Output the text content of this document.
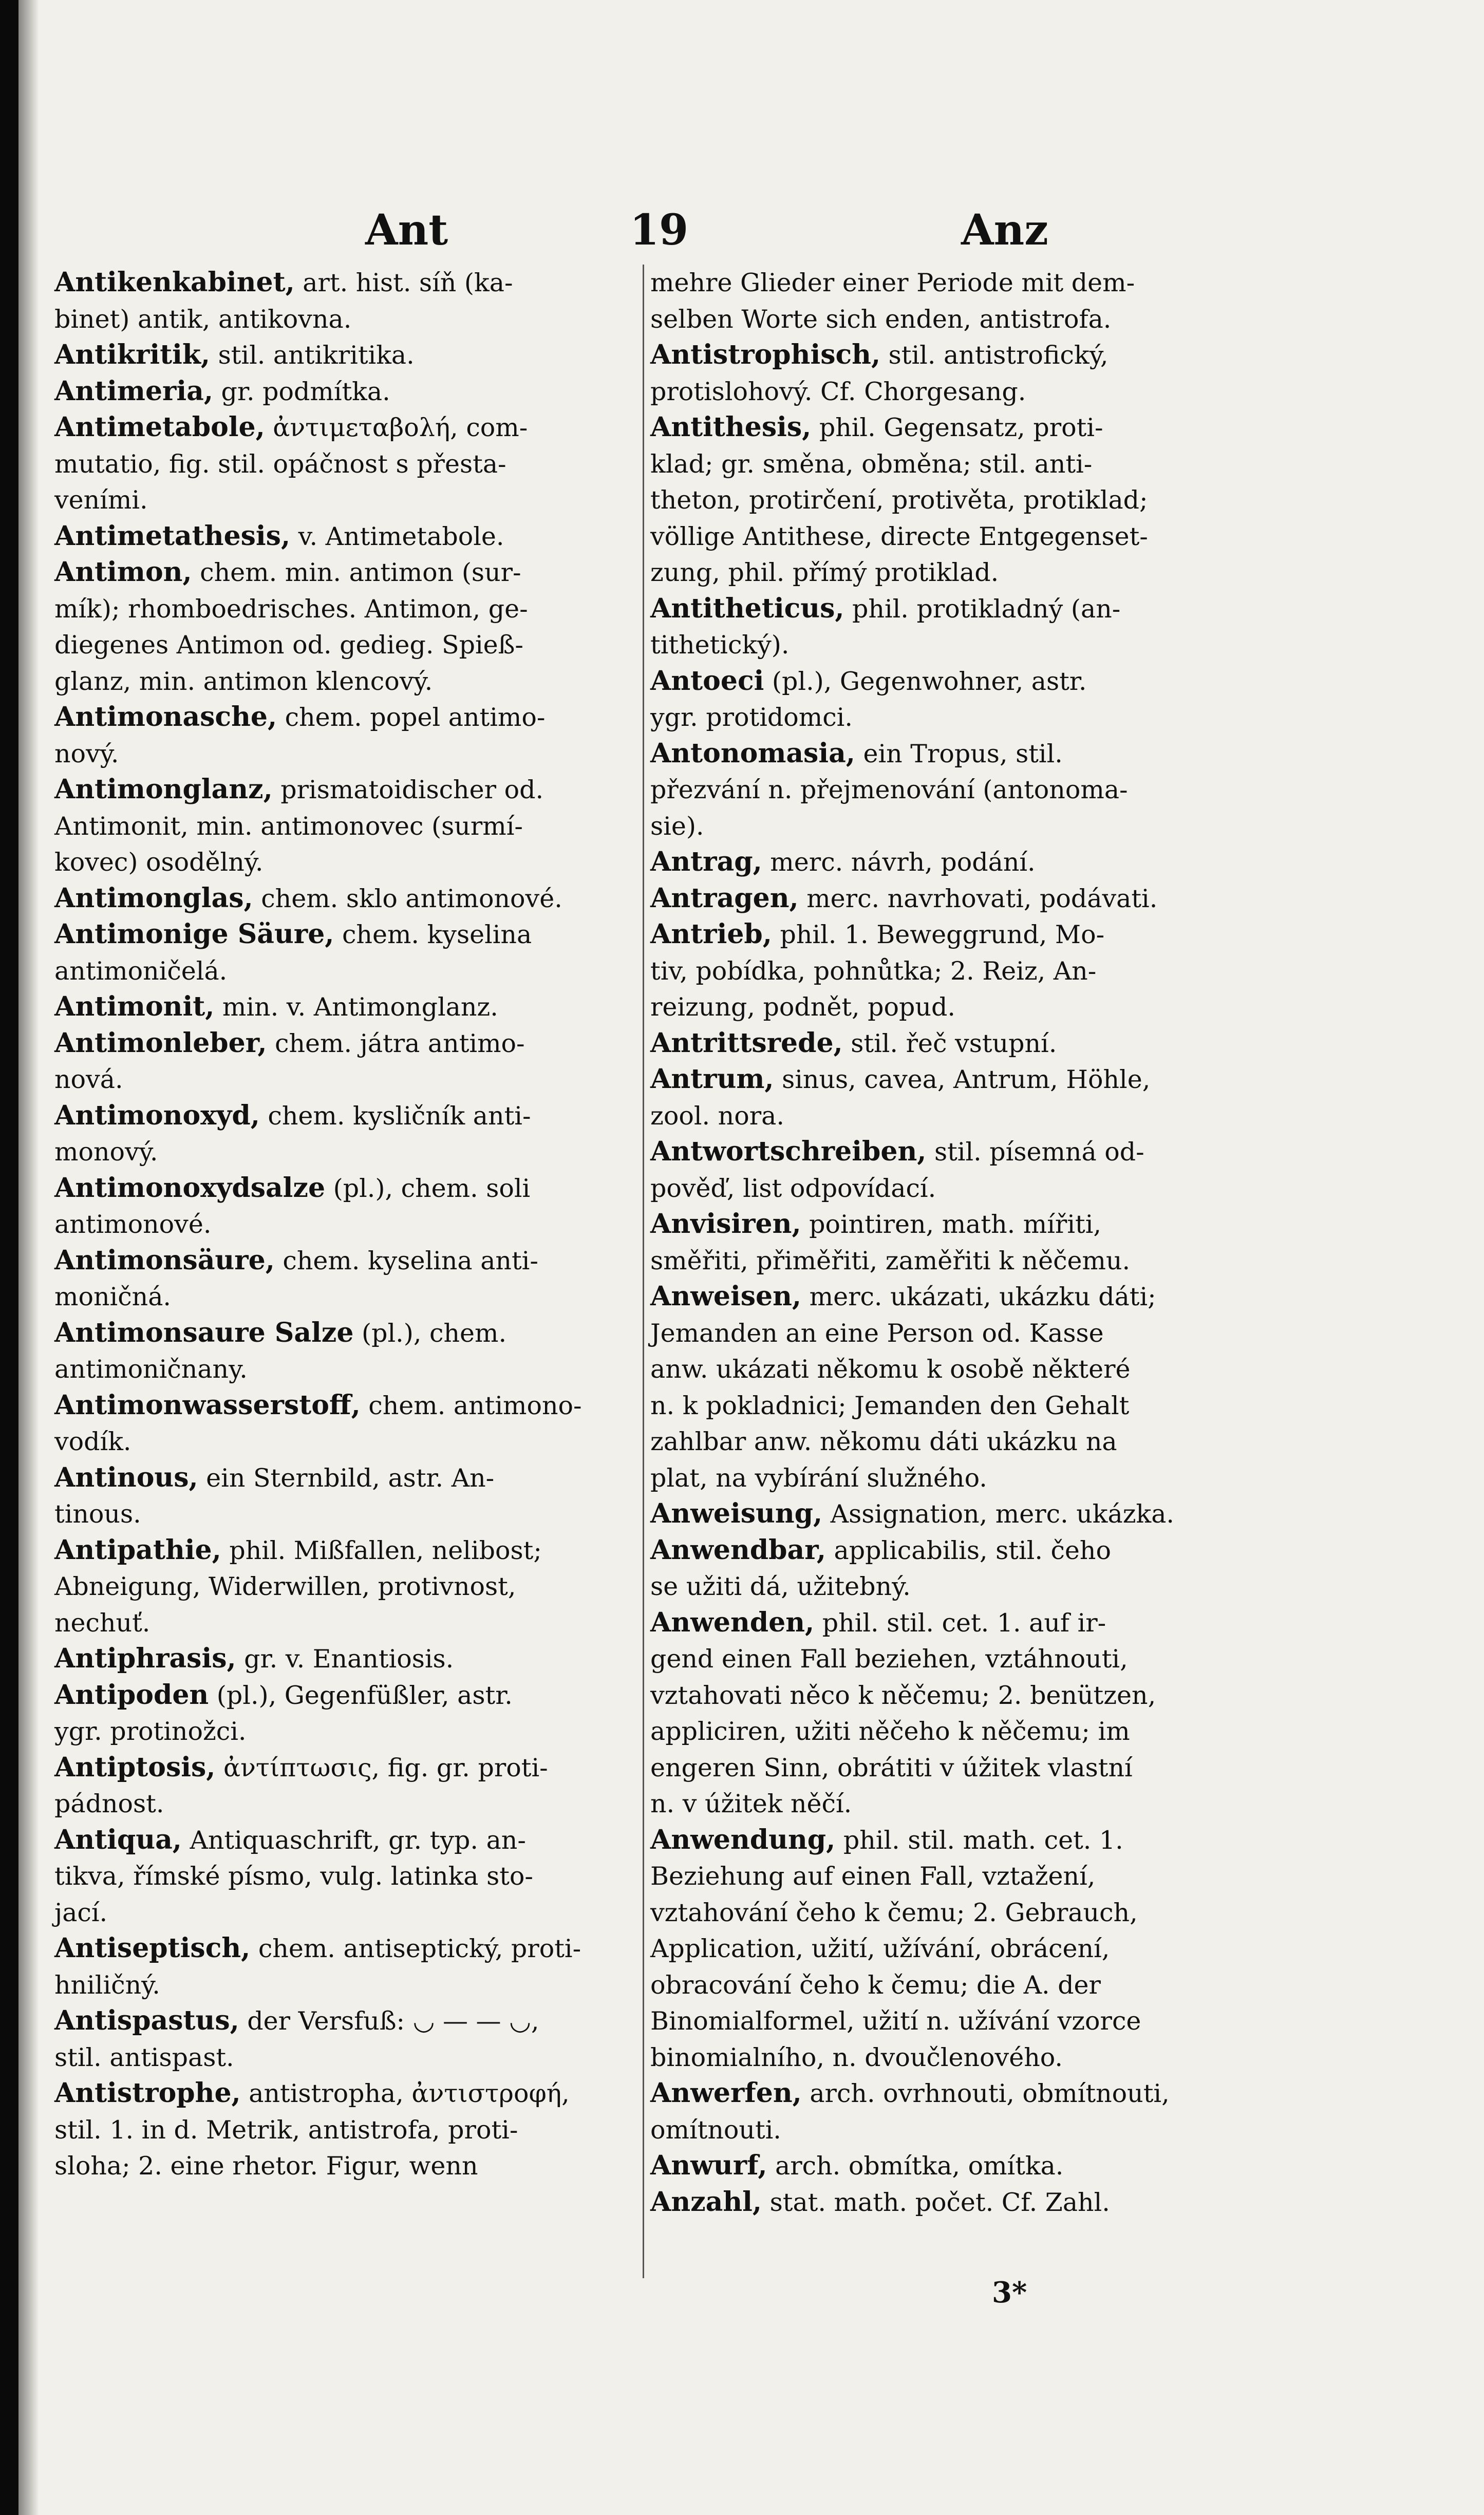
Ant	19	Anz
Antikenkabinet, art. hist. síň (ka-
binet) antik, antikovna.
Antikritik, stil. antikritika.
Antimeria, gr. podmítka.
Antimetabole, ἀντιμεταβολή, com-
mutatio, fig. stil. opáčnost s přesta-
veními.
Antimetathesis, v. Antimetabole.
Antimon, chem. min. antimon (sur-
mík); rhomboedrisches. Antimon, ge-
diegenes Antimon od. gedieg. Spieß-
glanz, min. antimon klencový.
Antimonasche, chem. popel antimo-
nový.
Antimonglanz, prismatoidischer od.
Antimonit, min. antimonovec (surmí-
kovec) osodělný.
Antimonglas, chem. sklo antimonové.
Antimonige Säure, chem. kyselina
antimoničelá.
Antimonit, min. v. Antimonglanz.
Antimonleber, chem. játra antimo-
nová.
Antimonoxyd, chem. kysličník anti-
monový.
Antimonoxydsalze (pl.), chem. soli
antimonové.
Antimonsäure, chem. kyselina anti-
moničná.
Antimonsaure Salze (pl.), chem.
antimoničnany.
Antimonwasserstoff, chem. antimono-
vodík.
Antinous, ein Sternbild, astr. An-
tinous.
Antipathie, phil. Mißfallen, nelibost;
Abneigung, Widerwillen, protivnost,
nechuť.
Antiphrasis, gr. v. Enantiosis.
Antipoden (pl.), Gegenfüßler, astr.
ygr. protinožci.
Antiptosis, ἀντίπτωσις, fig. gr. proti-
pádnost.
Antiqua, Antiquaschrift, gr. typ. an-
tikva, římské písmo, vulg. latinka sto-
jací.
Antiseptisch, chem. antiseptický, proti-
hniličný.
Antispastus, der Versfuß: ◡ — — ◡,
stil. antispast.
Antistrophe, antistropha, ἀντιστροφή,
stil. 1. in d. Metrik, antistrofa, proti-
sloha; 2. eine rhetor. Figur, wenn
mehre Glieder einer Periode mit dem-
selben Worte sich enden, antistrofa.
Antistrophisch, stil. antistrofický,
protislohový. Cf. Chorgesang.
Antithesis, phil. Gegensatz, proti-
klad; gr. směna, obměna; stil. anti-
theton, protirčení, protivěta, protiklad;
völlige Antithese, directe Entgegenset-
zung, phil. přímý protiklad.
Antitheticus, phil. protikladný (an-
tithetický).
Antoeci (pl.), Gegenwohner, astr.
ygr. protidomci.
Antonomasia, ein Tropus, stil.
přezvání n. přejmenování (antonoma-
sie).
Antrag, merc. návrh, podání.
Antragen, merc. navrhovati, podávati.
Antrieb, phil. 1. Beweggrund, Mo-
tiv, pobídka, pohnůtka; 2. Reiz, An-
reizung, podnět, popud.
Antrittsrede, stil. řeč vstupní.
Antrum, sinus, cavea, Antrum, Höhle,
zool. nora.
Antwortschreiben, stil. písemná od-
pověď, list odpovídací.
Anvisiren, pointiren, math. mířiti,
směřiti, přiměřiti, zaměřiti k něčemu.
Anweisen, merc. ukázati, ukázku dáti;
Jemanden an eine Person od. Kasse
anw. ukázati někomu k osobě některé
n. k pokladnici; Jemanden den Gehalt
zahlbar anw. někomu dáti ukázku na
plat, na vybírání služného.
Anweisung, Assignation, merc. ukázka.
Anwendbar, applicabilis, stil. čeho
se užiti dá, užitebný.
Anwenden, phil. stil. cet. 1. auf ir-
gend einen Fall beziehen, vztáhnouti,
vztahovati něco k něčemu; 2. benützen,
appliciren, užiti něčeho k něčemu; im
engeren Sinn, obrátiti v úžitek vlastní
n. v úžitek něčí.
Anwendung, phil. stil. math. cet. 1.
Beziehung auf einen Fall, vztažení,
vztahování čeho k čemu; 2. Gebrauch,
Application, užití, užívání, obrácení,
obracování čeho k čemu; die A. der
Binomialformel, užití n. užívání vzorce
binomialního, n. dvoučlenového.
Anwerfen, arch. ovrhnouti, obmítnouti,
omítnouti.
Anwurf, arch. obmítka, omítka.
Anzahl, stat. math. počet. Cf. Zahl.
3*
